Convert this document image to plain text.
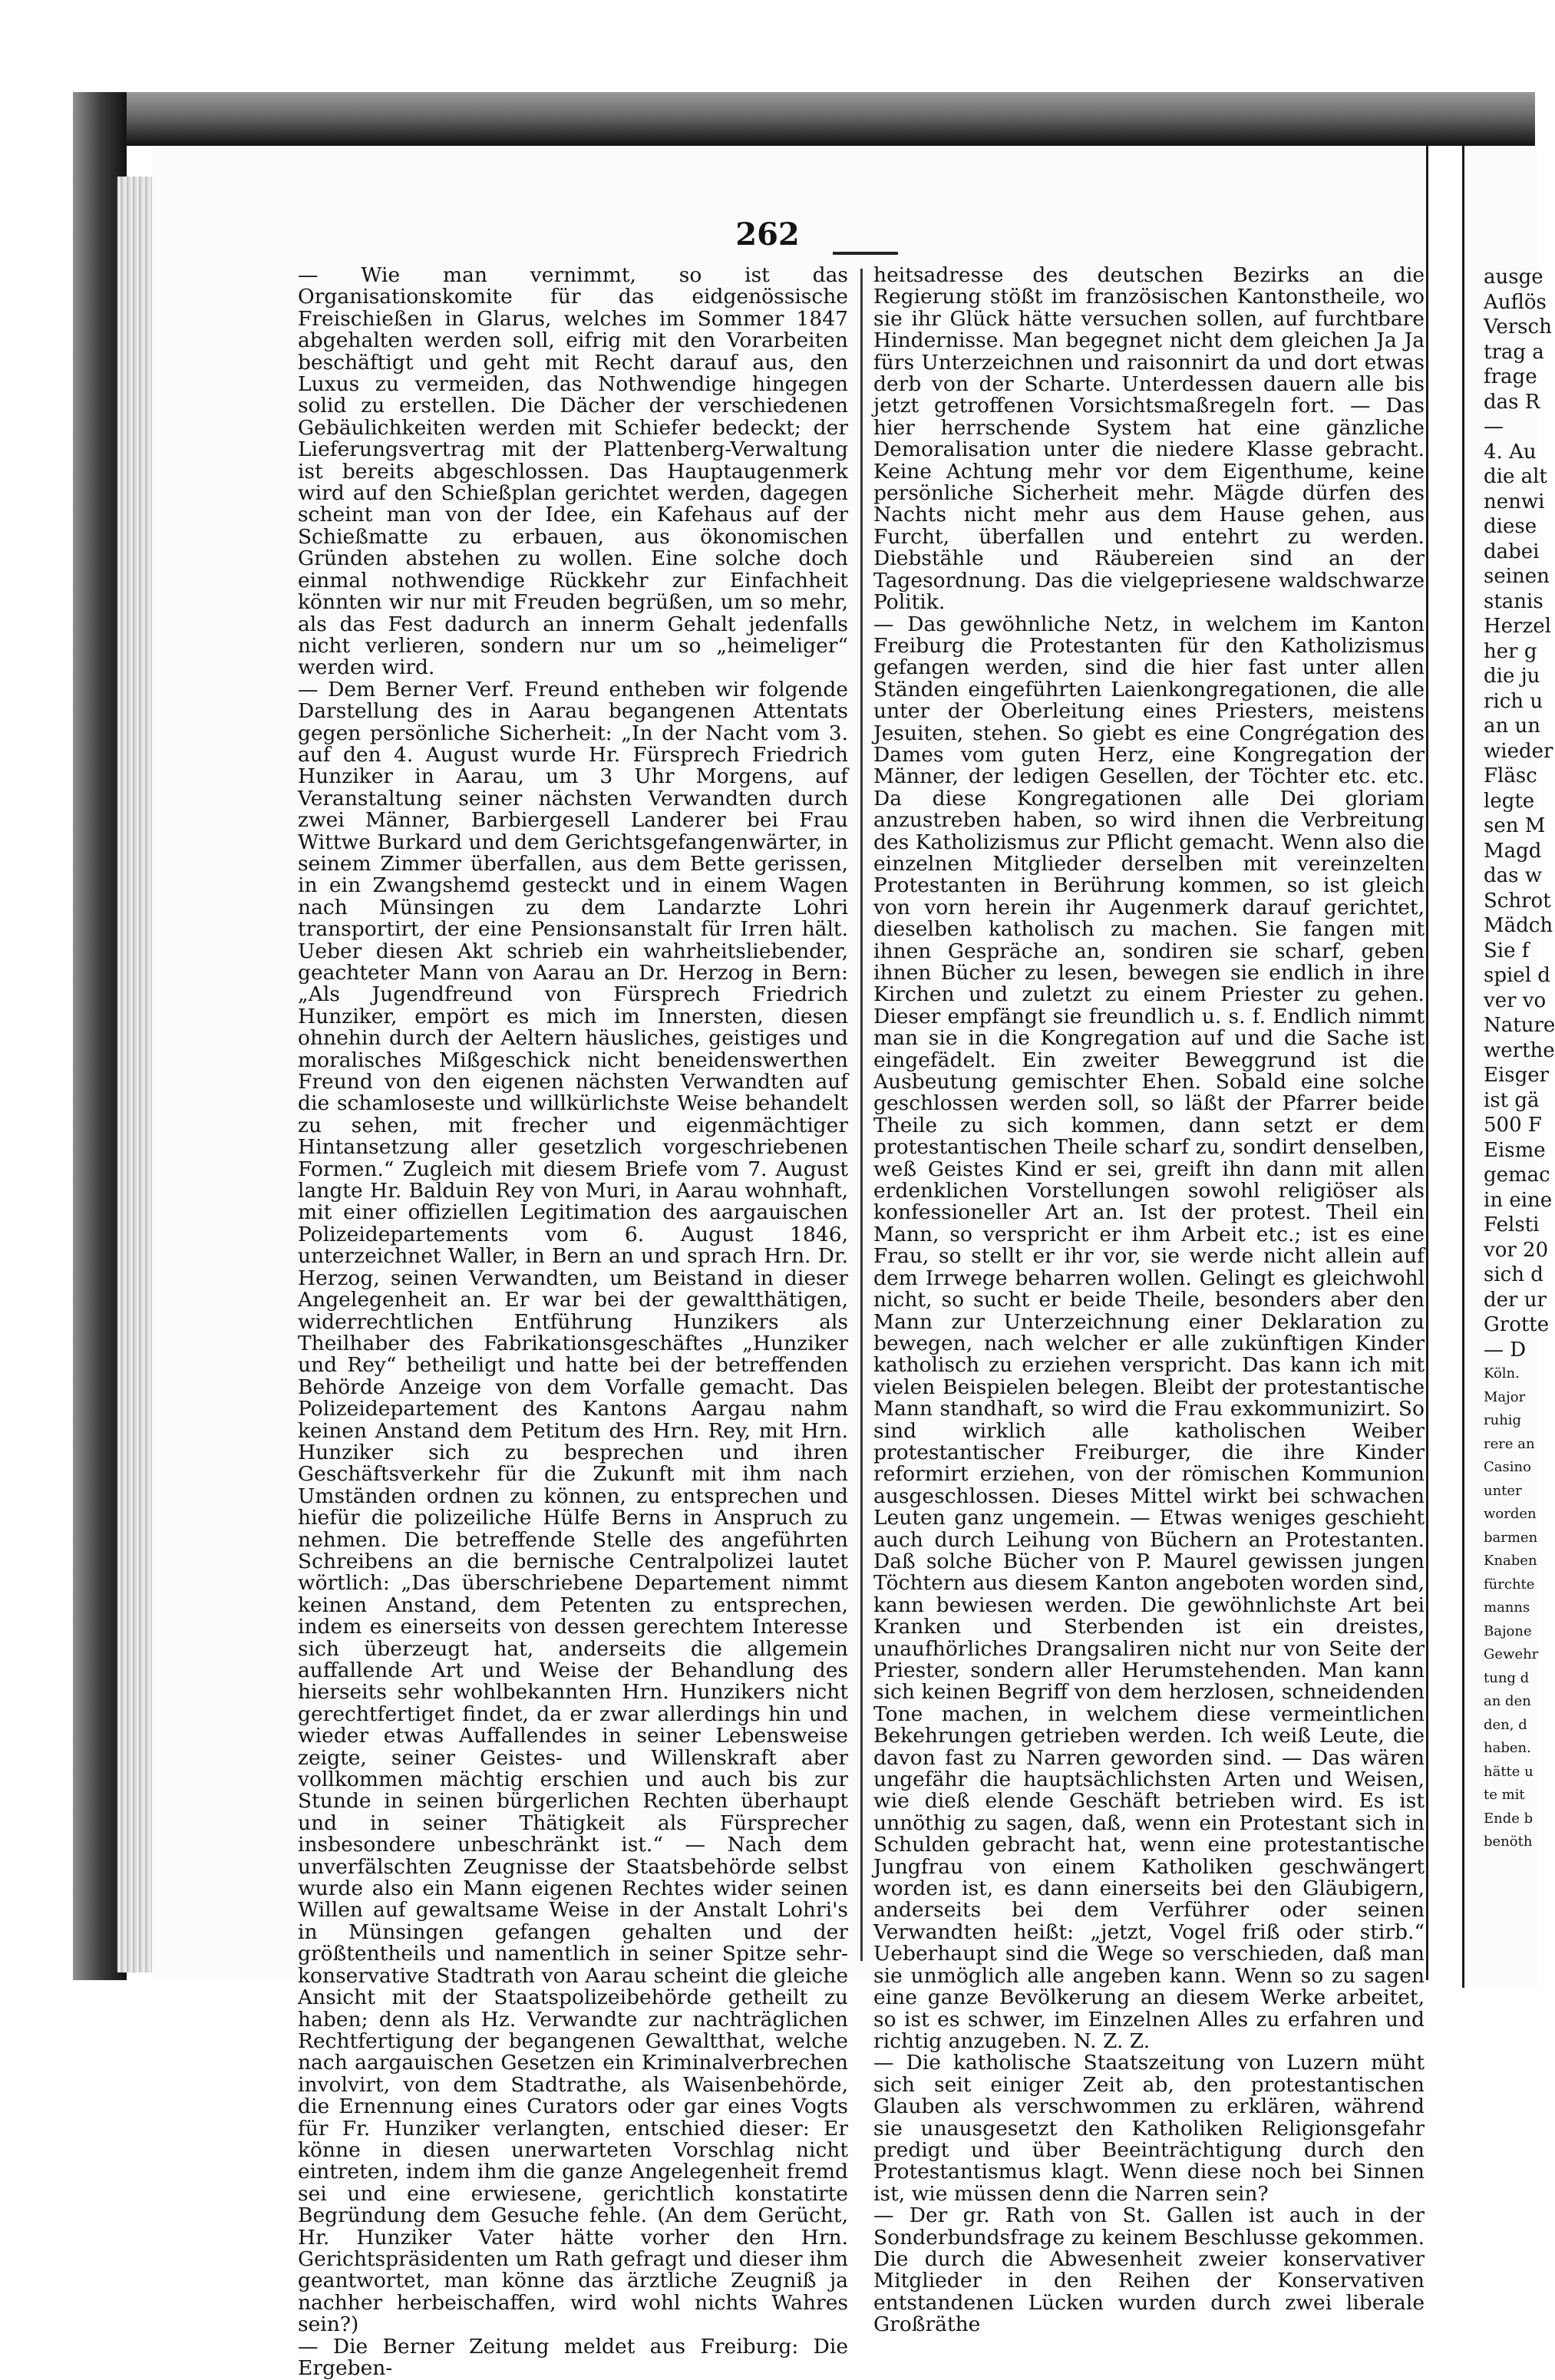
262

— Wie man vernimmt, so ist das Organisationskomite für das eidgenössische Freischießen in Glarus, welches im Sommer 1847 abgehalten werden soll, eifrig mit den Vorarbeiten beschäftigt und geht mit Recht darauf aus, den Luxus zu vermeiden, das Nothwendige hingegen solid zu erstellen. Die Dächer der verschiedenen Gebäulichkeiten werden mit Schiefer bedeckt; der Lieferungsvertrag mit der Plattenberg-Verwaltung ist bereits abgeschlossen. Das Hauptaugenmerk wird auf den Schießplan gerichtet werden, dagegen scheint man von der Idee, ein Kafehaus auf der Schießmatte zu erbauen, aus ökonomischen Gründen abstehen zu wollen. Eine solche doch einmal nothwendige Rückkehr zur Einfachheit könnten wir nur mit Freuden begrüßen, um so mehr, als das Fest dadurch an innerm Gehalt jedenfalls nicht verlieren, sondern nur um so „heimeliger“ werden wird.

— Dem Berner Verf. Freund entheben wir folgende Darstellung des in Aarau begangenen Attentats gegen persönliche Sicherheit: „In der Nacht vom 3. auf den 4. August wurde Hr. Fürsprech Friedrich Hunziker in Aarau, um 3 Uhr Morgens, auf Veranstaltung seiner nächsten Verwandten durch zwei Männer, Barbiergesell Landerer bei Frau Wittwe Burkard und dem Gerichtsgefangenwärter, in seinem Zimmer überfallen, aus dem Bette gerissen, in ein Zwangshemd gesteckt und in einem Wagen nach Münsingen zu dem Landarzte Lohri transportirt, der eine Pensionsanstalt für Irren hält. Ueber diesen Akt schrieb ein wahrheitsliebender, geachteter Mann von Aarau an Dr. Herzog in Bern: „Als Jugendfreund von Fürsprech Friedrich Hunziker, empört es mich im Innersten, diesen ohnehin durch der Aeltern häusliches, geistiges und moralisches Mißgeschick nicht beneidenswerthen Freund von den eigenen nächsten Verwandten auf die schamloseste und willkürlichste Weise behandelt zu sehen, mit frecher und eigenmächtiger Hintansetzung aller gesetzlich vorgeschriebenen Formen.“ Zugleich mit diesem Briefe vom 7. August langte Hr. Balduin Rey von Muri, in Aarau wohnhaft, mit einer offiziellen Legitimation des aargauischen Polizeidepartements vom 6. August 1846, unterzeichnet Waller, in Bern an und sprach Hrn. Dr. Herzog, seinen Verwandten, um Beistand in dieser Angelegenheit an. Er war bei der gewaltthätigen, widerrechtlichen Entführung Hunzikers als Theilhaber des Fabrikationsgeschäftes „Hunziker und Rey“ betheiligt und hatte bei der betreffenden Behörde Anzeige von dem Vorfalle gemacht. Das Polizeidepartement des Kantons Aargau nahm keinen Anstand dem Petitum des Hrn. Rey, mit Hrn. Hunziker sich zu besprechen und ihren Geschäftsverkehr für die Zukunft mit ihm nach Umständen ordnen zu können, zu entsprechen und hiefür die polizeiliche Hülfe Berns in Anspruch zu nehmen. Die betreffende Stelle des angeführten Schreibens an die bernische Centralpolizei lautet wörtlich: „Das überschriebene Departement nimmt keinen Anstand, dem Petenten zu entsprechen, indem es einerseits von dessen gerechtem Interesse sich überzeugt hat, anderseits die allgemein auffallende Art und Weise der Behandlung des hierseits sehr wohlbekannten Hrn. Hunzikers nicht gerechtfertiget findet, da er zwar allerdings hin und wieder etwas Auffallendes in seiner Lebensweise zeigte, seiner Geistes- und Willenskraft aber vollkommen mächtig erschien und auch bis zur Stunde in seinen bürgerlichen Rechten überhaupt und in seiner Thätigkeit als Fürsprecher insbesondere unbeschränkt ist.“ — Nach dem unverfälschten Zeugnisse der Staatsbehörde selbst wurde also ein Mann eigenen Rechtes wider seinen Willen auf gewaltsame Weise in der Anstalt Lohri's in Münsingen gefangen gehalten und der größtentheils und namentlich in seiner Spitze sehr-konservative Stadtrath von Aarau scheint die gleiche Ansicht mit der Staatspolizeibehörde getheilt zu haben; denn als Hz. Verwandte zur nachträglichen Rechtfertigung der begangenen Gewaltthat, welche nach aargauischen Gesetzen ein Kriminalverbrechen involvirt, von dem Stadtrathe, als Waisenbehörde, die Ernennung eines Curators oder gar eines Vogts für Fr. Hunziker verlangten, entschied dieser: Er könne in diesen unerwarteten Vorschlag nicht eintreten, indem ihm die ganze Angelegenheit fremd sei und eine erwiesene, gerichtlich konstatirte Begründung dem Gesuche fehle. (An dem Gerücht, Hr. Hunziker Vater hätte vorher den Hrn. Gerichtspräsidenten um Rath gefragt und dieser ihm geantwortet, man könne das ärztliche Zeugniß ja nachher herbeischaffen, wird wohl nichts Wahres sein?)

— Die Berner Zeitung meldet aus Freiburg: Die Ergeben-

heitsadresse des deutschen Bezirks an die Regierung stößt im französischen Kantonstheile, wo sie ihr Glück hätte versuchen sollen, auf furchtbare Hindernisse. Man begegnet nicht dem gleichen Ja Ja fürs Unterzeichnen und raisonnirt da und dort etwas derb von der Scharte. Unterdessen dauern alle bis jetzt getroffenen Vorsichtsmaßregeln fort. — Das hier herrschende System hat eine gänzliche Demoralisation unter die niedere Klasse gebracht. Keine Achtung mehr vor dem Eigenthume, keine persönliche Sicherheit mehr. Mägde dürfen des Nachts nicht mehr aus dem Hause gehen, aus Furcht, überfallen und entehrt zu werden. Diebstähle und Räubereien sind an der Tagesordnung. Das die vielgepriesene waldschwarze Politik.

— Das gewöhnliche Netz, in welchem im Kanton Freiburg die Protestanten für den Katholizismus gefangen werden, sind die hier fast unter allen Ständen eingeführten Laienkongregationen, die alle unter der Oberleitung eines Priesters, meistens Jesuiten, stehen. So giebt es eine Congrégation des Dames vom guten Herz, eine Kongregation der Männer, der ledigen Gesellen, der Töchter etc. etc. Da diese Kongregationen alle Dei gloriam anzustreben haben, so wird ihnen die Verbreitung des Katholizismus zur Pflicht gemacht. Wenn also die einzelnen Mitglieder derselben mit vereinzelten Protestanten in Berührung kommen, so ist gleich von vorn herein ihr Augenmerk darauf gerichtet, dieselben katholisch zu machen. Sie fangen mit ihnen Gespräche an, sondiren sie scharf, geben ihnen Bücher zu lesen, bewegen sie endlich in ihre Kirchen und zuletzt zu einem Priester zu gehen. Dieser empfängt sie freundlich u. s. f. Endlich nimmt man sie in die Kongregation auf und die Sache ist eingefädelt. Ein zweiter Beweggrund ist die Ausbeutung gemischter Ehen. Sobald eine solche geschlossen werden soll, so läßt der Pfarrer beide Theile zu sich kommen, dann setzt er dem protestantischen Theile scharf zu, sondirt denselben, weß Geistes Kind er sei, greift ihn dann mit allen erdenklichen Vorstellungen sowohl religiöser als konfessioneller Art an. Ist der protest. Theil ein Mann, so verspricht er ihm Arbeit etc.; ist es eine Frau, so stellt er ihr vor, sie werde nicht allein auf dem Irrwege beharren wollen. Gelingt es gleichwohl nicht, so sucht er beide Theile, besonders aber den Mann zur Unterzeichnung einer Deklaration zu bewegen, nach welcher er alle zukünftigen Kinder katholisch zu erziehen verspricht. Das kann ich mit vielen Beispielen belegen. Bleibt der protestantische Mann standhaft, so wird die Frau exkommunizirt. So sind wirklich alle katholischen Weiber protestantischer Freiburger, die ihre Kinder reformirt erziehen, von der römischen Kommunion ausgeschlossen. Dieses Mittel wirkt bei schwachen Leuten ganz ungemein. — Etwas weniges geschieht auch durch Leihung von Büchern an Protestanten. Daß solche Bücher von P. Maurel gewissen jungen Töchtern aus diesem Kanton angeboten worden sind, kann bewiesen werden. Die gewöhnlichste Art bei Kranken und Sterbenden ist ein dreistes, unaufhörliches Drangsaliren nicht nur von Seite der Priester, sondern aller Herumstehenden. Man kann sich keinen Begriff von dem herzlosen, schneidenden Tone machen, in welchem diese vermeintlichen Bekehrungen getrieben werden. Ich weiß Leute, die davon fast zu Narren geworden sind. — Das wären ungefähr die hauptsächlichsten Arten und Weisen, wie dieß elende Geschäft betrieben wird. Es ist unnöthig zu sagen, daß, wenn ein Protestant sich in Schulden gebracht hat, wenn eine protestantische Jungfrau von einem Katholiken geschwängert worden ist, es dann einerseits bei den Gläubigern, anderseits bei dem Verführer oder seinen Verwandten heißt: „jetzt, Vogel friß oder stirb.“ Ueberhaupt sind die Wege so verschieden, daß man sie unmöglich alle angeben kann. Wenn so zu sagen eine ganze Bevölkerung an diesem Werke arbeitet, so ist es schwer, im Einzelnen Alles zu erfahren und richtig anzugeben. N. Z. Z.

— Die katholische Staatszeitung von Luzern müht sich seit einiger Zeit ab, den protestantischen Glauben als verschwommen zu erklären, während sie unausgesetzt den Katholiken Religionsgefahr predigt und über Beeinträchtigung durch den Protestantismus klagt. Wenn diese noch bei Sinnen ist, wie müssen denn die Narren sein?

— Der gr. Rath von St. Gallen ist auch in der Sonderbundsfrage zu keinem Beschlusse gekommen. Die durch die Abwesenheit zweier konservativer Mitglieder in den Reihen der Konservativen entstandenen Lücken wurden durch zwei liberale Großräthe

ausge
Auflös
Versch
trag a
frage
das R
—
4. Au
die alt
nenwi
diese
dabei
seinen
stanis
Herzel
her g
die ju
rich u
an un
wieder
Fläsc
legte
sen M
Magd
das w
Schrot
Mädch
Sie f
spiel d
ver vo
Nature
werthe
Eisger
ist gä
500 F
Eisme
gemac
in eine
Felsti
vor 20
sich d
der ur
Grotte
— D
Köln.
Major
ruhig
rere an
Casino
unter
worden
barmen
Knaben
fürchte
manns
Bajone
Gewehr
tung d
an den
den, d
haben.
hätte u
te mit
Ende b
benöth
